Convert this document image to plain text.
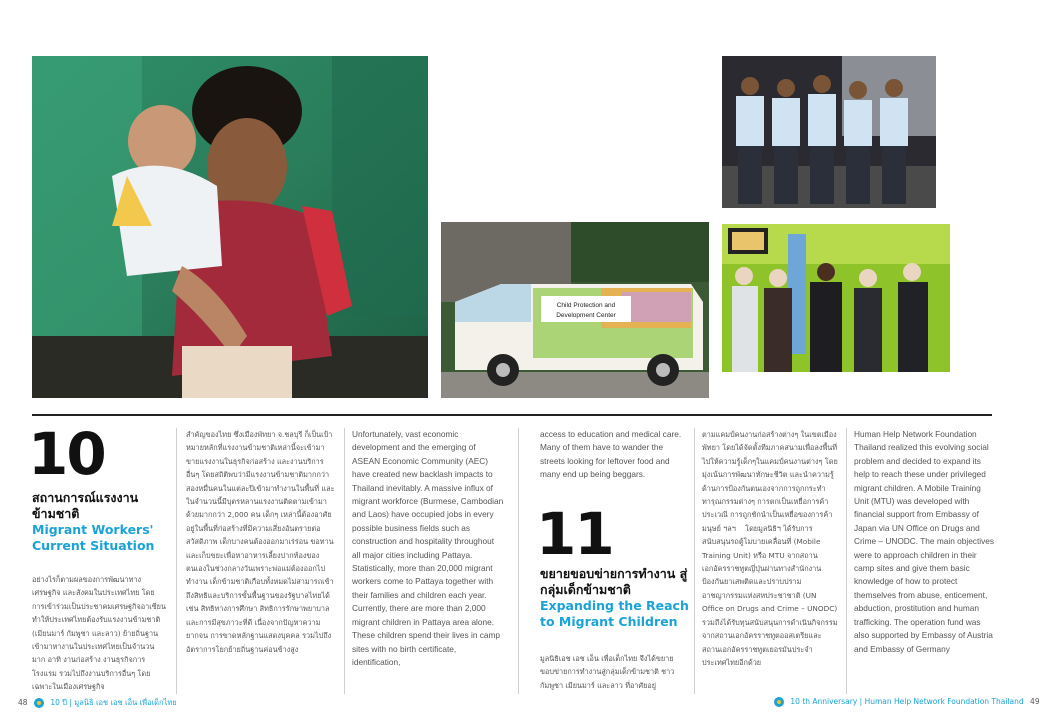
Child Protection and
Development Center
10
สถานการณ์แรงงาน ข้ามชาติ
Migrant Workers' Current Situation
อย่างไรก็ตามผลของการพัฒนาทางเศรษฐกิจ และสังคมในประเทศไทย โดยการเข้าร่วมเป็นประชาคมเศรษฐกิจอาเซียน ทำให้ประเทศไทยต้องรับแรงงานข้ามชาติ (เมียนมาร์ กัมพูชา และลาว) ย้ายถิ่นฐานเข้ามาหางานในประเทศไทยเป็นจำนวนมาก อาทิ งานก่อสร้าง งานธุรกิจการโรงแรม รวมไปถึงงานบริการอื่นๆ โดยเฉพาะในเมืองเศรษฐกิจ
สำคัญของไทย ซึ่งเมืองพัทยา จ.ชลบุรี ก็เป็นเป้าหมายหลักที่แรงงานข้ามชาติเหล่านี้จะเข้ามาขายแรงงานในธุรกิจก่อสร้าง และงานบริการอื่นๆ โดยสถิติพบว่ามีแรงงานข้ามชาติมากกว่าสองหมื่นคนในแต่ละปีเข้ามาทำงานในพื้นที่ และในจำนวนนี้มีบุตรหลานแรงงานติดตามเข้ามาด้วยมากกว่า 2,000 คน เด็กๆ เหล่านี้ต้องอาศัยอยู่ในพื้นที่ก่อสร้างที่มีความเสี่ยงอันตรายต่อสวัสดิภาพ เด็กบางคนต้องออกมาเร่ร่อน ขอทาน และเก็บขยะเพื่อหาอาหารเลี้ยงปากท้องของตนเองในช่วงกลางวันเพราะพ่อแม่ต้องออกไปทำงาน เด็กข้ามชาติเกือบทั้งหมดไม่สามารถเข้าถึงสิทธิและบริการขั้นพื้นฐานของรัฐบาลไทยได้ เช่น สิทธิทางการศึกษา สิทธิการรักษาพยาบาล และการมีสุขภาวะที่ดี เนื่องจากปัญหาความยากจน การขาดหลักฐานแสดงบุคคล รวมไปถึงอัตราการโยกย้ายถิ่นฐานค่อนข้างสูง
Unfortunately, vast economic development and the emerging of ASEAN Economic Community (AEC) have created new backlash impacts to Thailand inevitably. A massive influx of migrant workforce (Burmese, Cambodian and Laos) have occupied jobs in every possible business fields such as construction and hospitality throughout all major cities including Pattaya. Statistically, more than 20,000 migrant workers come to Pattaya together with their families and children each year. Currently, there are more than 2,000 migrant children in Pattaya area alone. These children spend their lives in camp sites with no birth certificate, identification,
access to education and medical care. Many of them have to wander the streets looking for leftover food and many end up being beggars.
11
ขยายขอบข่ายการทำงาน สู่กลุ่มเด็กข้ามชาติ
Expanding the Reach to Migrant Children
มูลนิธิเอช เอช เอ็น เพื่อเด็กไทย จึงได้ขยายขอบข่ายการทำงานสู่กลุ่มเด็กข้ามชาติ ชาวกัมพูชา เมียนมาร์ และลาว ที่อาศัยอยู่
ตามแคมป์คนงานก่อสร้างต่างๆ ในเขตเมืองพัทยา โดยได้จัดตั้งทีมภาคสนามเพื่อลงพื้นที่ไปให้ความรู้เด็กๆในแคมป์คนงานต่างๆ โดยมุ่งเน้นการพัฒนาทักษะชีวิต และนำความรู้ด้านการป้องกันตนเองจากการถูกกระทำทารุณกรรมต่างๆ การตกเป็นเหยื่อการค้าประเวณี การถูกชักนำเป็นเหยื่อของการค้ามนุษย์ ฯลฯ    โดยมูลนิธิฯ ได้รับการสนับสนุนรถตู้โมบายเคลื่อนที่ (Mobile Training Unit) หรือ MTU จากสถานเอกอัครราชทูตญี่ปุ่นผ่านทางสำนักงานป้องกันยาเสพติดและปราบปรามอาชญากรรมแห่งสหประชาชาติ (UN Office on Drugs and Crime – UNODC) รวมถึงได้รับทุนสนับสนุนการดำเนินกิจกรรมจากสถานเอกอัครราชทูตออสเตรียและสถานเอกอัครราชทูตเยอรมันประจำประเทศไทยอีกด้วย
Human Help Network Foundation Thailand realized this evolving social problem and decided to expand its help to reach these under privileged migrant children. A Mobile Training Unit (MTU) was developed with financial support from Embassy of Japan via UN Office on Drugs and Crime – UNODC. The main objectives were to approach children in their camp sites and give them basic knowledge of how to protect themselves from abuse, enticement, abduction, prostitution and human trafficking. The operation fund was also supported by Embassy of Austria and Embassy of Germany
48	10 ปี | มูลนิธิ เอช เอช เอ็น เพื่อเด็กไทย	10 th Anniversary | Human Help Network Foundation Thailand 49
